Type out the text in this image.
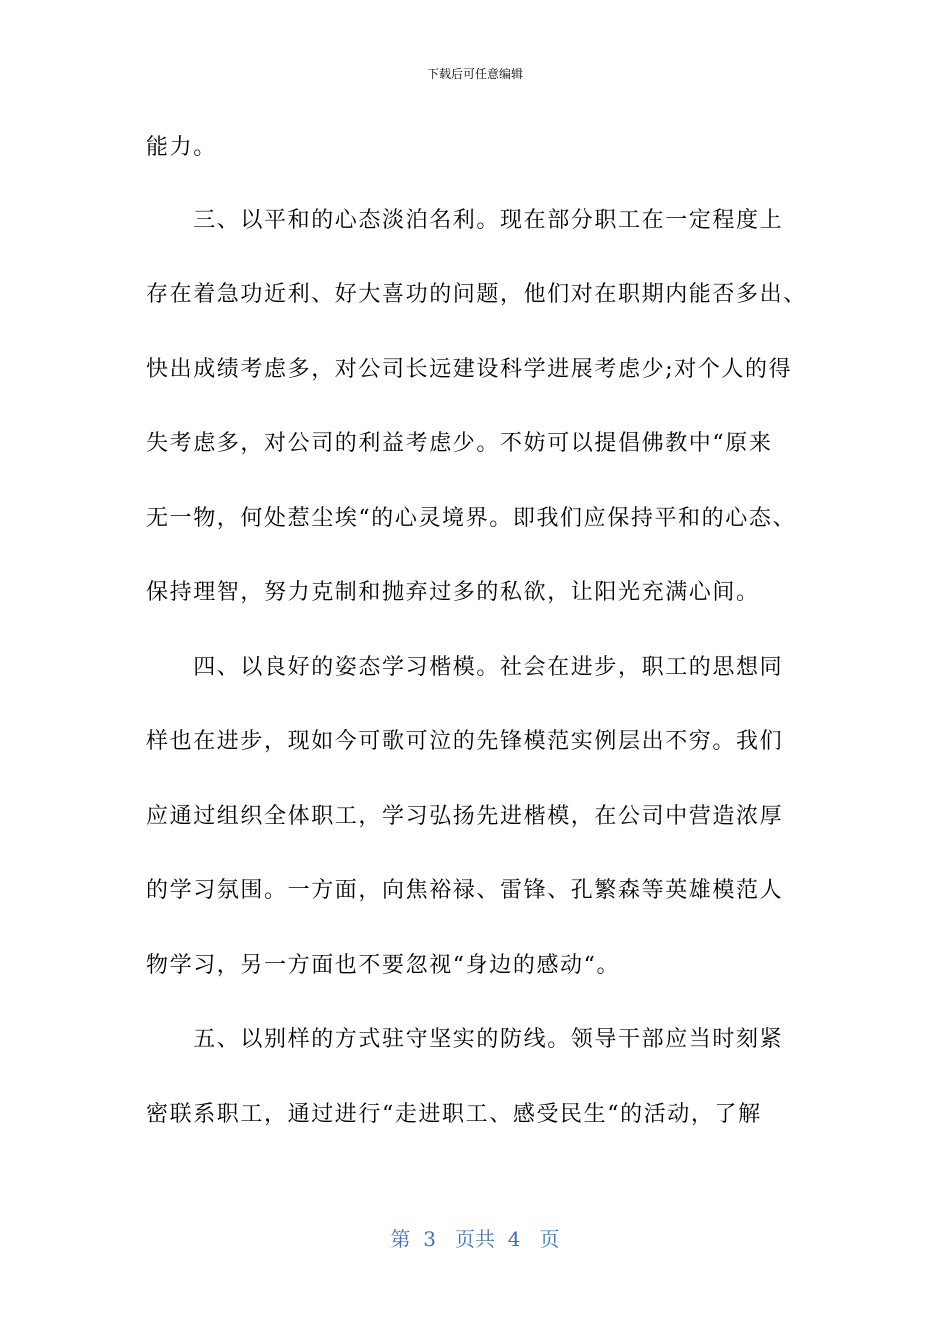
下载后可任意编辑
能力。
　　三、以平和的心态淡泊名利。现在部分职工在一定程度上
存在着急功近利、好大喜功的问题，他们对在职期内能否多出、
快出成绩考虑多，对公司长远建设科学进展考虑少;对个人的得
失考虑多，对公司的利益考虑少。不妨可以提倡佛教中“原来
无一物，何处惹尘埃“的心灵境界。即我们应保持平和的心态、
保持理智，努力克制和抛弃过多的私欲，让阳光充满心间。
　　四、以良好的姿态学习楷模。社会在进步，职工的思想同
样也在进步，现如今可歌可泣的先锋模范实例层出不穷。我们
应通过组织全体职工，学习弘扬先进楷模，在公司中营造浓厚
的学习氛围。一方面，向焦裕禄、雷锋、孔繁森等英雄模范人
物学习，另一方面也不要忽视“身边的感动“。
　　五、以别样的方式驻守坚实的防线。领导干部应当时刻紧
密联系职工，通过进行“走进职工、感受民生“的活动，了解
第  3   页共  4   页
